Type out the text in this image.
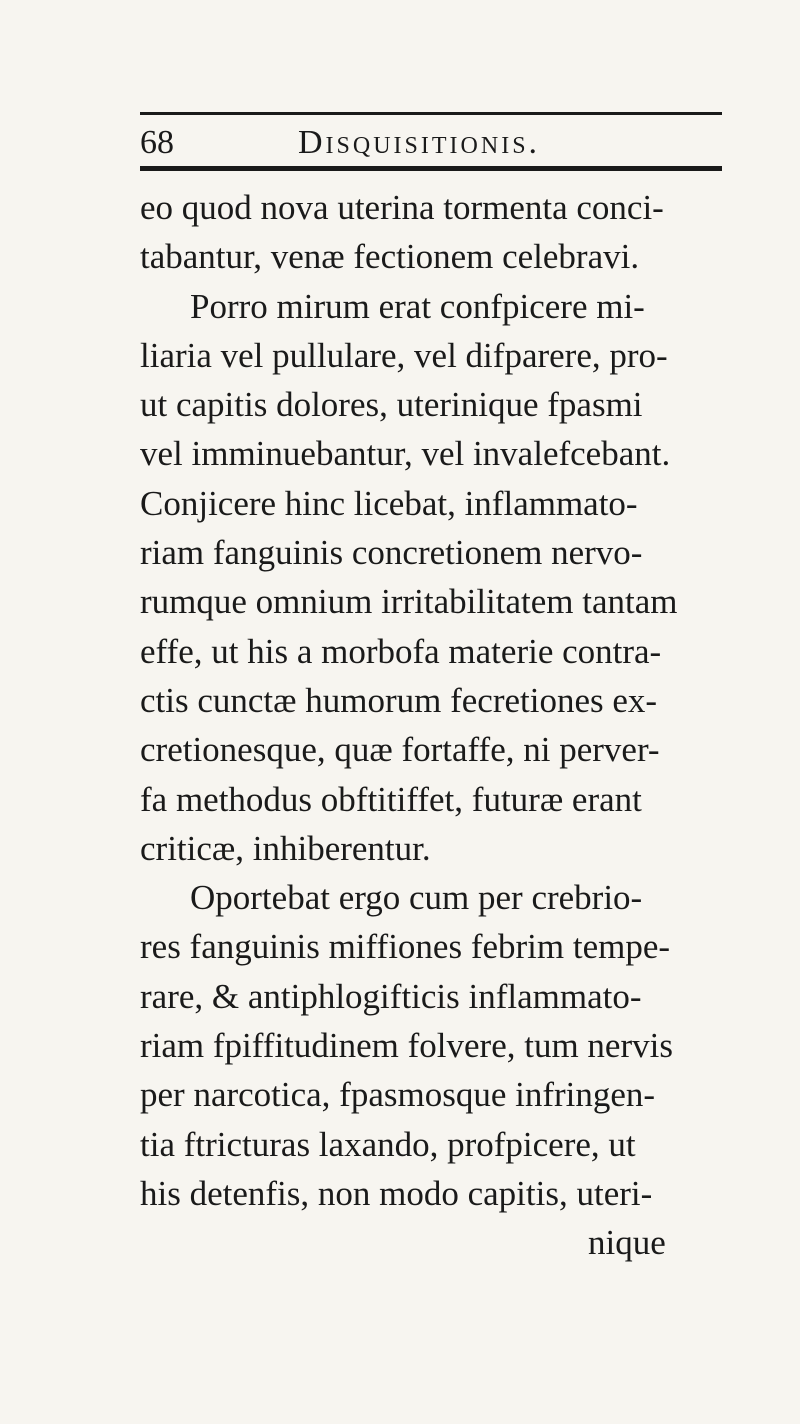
68	Disquisitionis.
eo quod nova uterina tormenta conci-
tabantur, venæ fectionem celebravi.
Porro mirum erat confpicere mi-
liaria vel pullulare, vel difparere, pro-
ut capitis dolores, uterinique fpasmi
vel imminuebantur, vel invalefcebant.
Conjicere hinc licebat, inflammato-
riam fanguinis concretionem nervo-
rumque omnium irritabilitatem tantam
effe, ut his a morbofa materie contra-
ctis cunctæ humorum fecretiones ex-
cretionesque, quæ fortaffe, ni perver-
fa methodus obftitiffet, futuræ erant
criticæ, inhiberentur.
Oportebat ergo cum per crebrio-
res fanguinis miffiones febrim tempe-
rare, & antiphlogifticis inflammato-
riam fpiffitudinem folvere, tum nervis
per narcotica, fpasmosque infringen-
tia ftricturas laxando, profpicere, ut
his detenfis, non modo capitis, uteri-
nique
